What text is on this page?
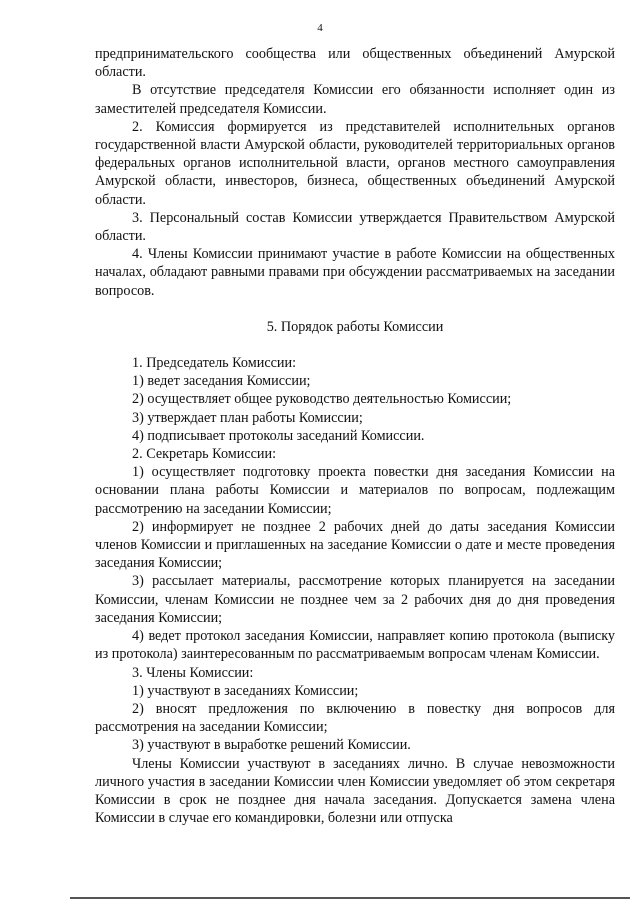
4

предпринимательского сообщества или общественных объединений Амурской области.

В отсутствие председателя Комиссии его обязанности исполняет один из заместителей председателя Комиссии.

2. Комиссия формируется из представителей исполнительных органов государственной власти Амурской области, руководителей территориальных органов федеральных органов исполнительной власти, органов местного самоуправления Амурской области, инвесторов, бизнеса, общественных объединений Амурской области.

3. Персональный состав Комиссии утверждается Правительством Амурской области.

4. Члены Комиссии принимают участие в работе Комиссии на общественных началах, обладают равными правами при обсуждении рассматриваемых на заседании вопросов.

5. Порядок работы Комиссии

1. Председатель Комиссии:

1) ведет заседания Комиссии;

2) осуществляет общее руководство деятельностью Комиссии;

3) утверждает план работы Комиссии;

4) подписывает протоколы заседаний Комиссии.

2. Секретарь Комиссии:

1) осуществляет подготовку проекта повестки дня заседания Комиссии на основании плана работы Комиссии и материалов по вопросам, подлежащим рассмотрению на заседании Комиссии;

2) информирует не позднее 2 рабочих дней до даты заседания Комиссии членов Комиссии и приглашенных на заседание Комиссии о дате и месте проведения заседания Комиссии;

3) рассылает материалы, рассмотрение которых планируется на заседании Комиссии, членам Комиссии не позднее чем за 2 рабочих дня до дня проведения заседания Комиссии;

4) ведет протокол заседания Комиссии, направляет копию протокола (выписку из протокола) заинтересованным по рассматриваемым вопросам членам Комиссии.

3. Члены Комиссии:

1) участвуют в заседаниях Комиссии;

2) вносят предложения по включению в повестку дня вопросов для рассмотрения на заседании Комиссии;

3) участвуют в выработке решений Комиссии.

Члены Комиссии участвуют в заседаниях лично. В случае невозможности личного участия в заседании Комиссии член Комиссии уведомляет об этом секретаря Комиссии в срок не позднее дня начала заседания. Допускается замена члена Комиссии в случае его командировки, болезни или отпуска
